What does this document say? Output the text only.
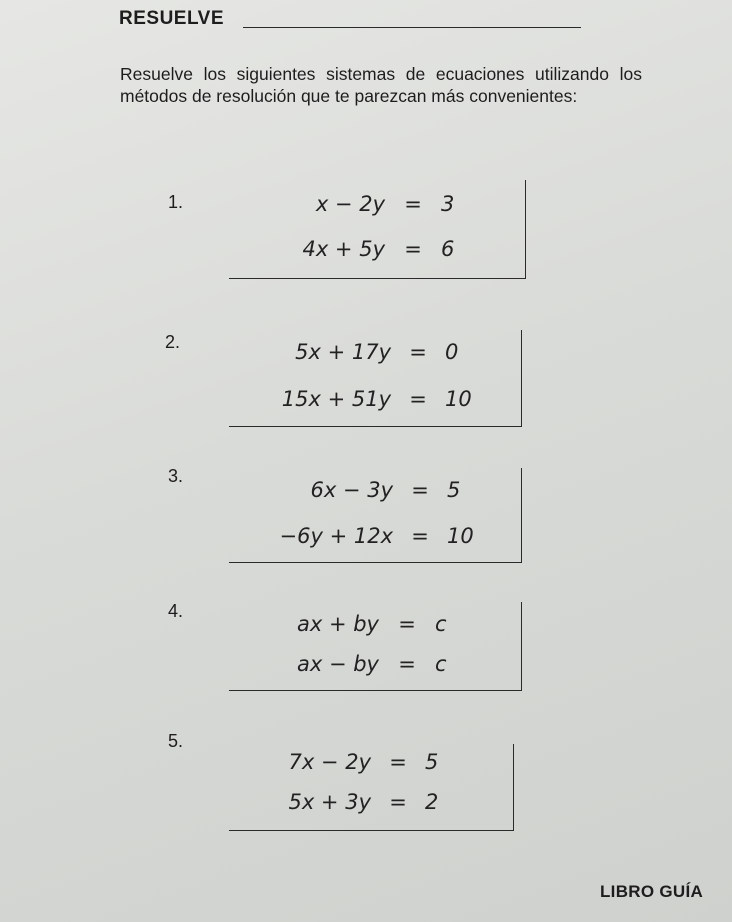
RESUELVE
Resuelve los siguientes sistemas de ecuaciones utilizando los métodos de resolución que te parezcan más convenientes:
1.	x − 2y = 3
4x + 5y = 6
2.	5x + 17y = 0
15x + 51y = 10
3.
6x − 3y = 5
−6y + 12x = 10
4.
ax + by = c
ax − by = c
5.
7x − 2y = 5
5x + 3y = 2
LIBRO GUÍA
